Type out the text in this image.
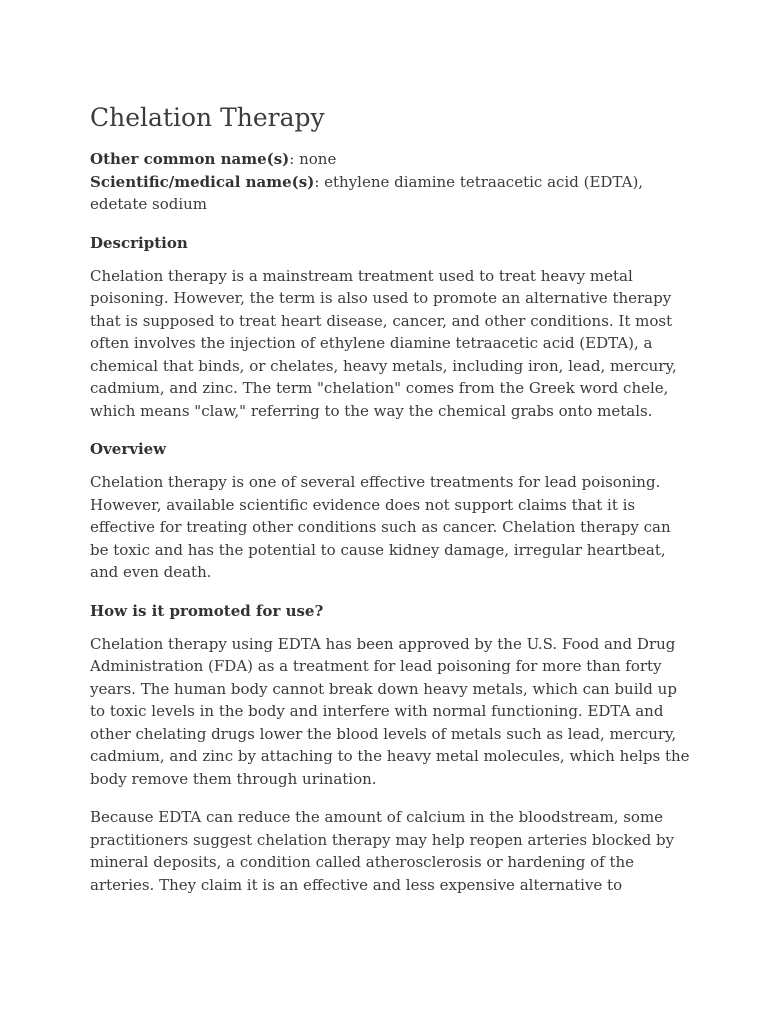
Chelation Therapy

Other common name(s): none

Scientific/medical name(s): ethylene diamine tetraacetic acid (EDTA), edetate sodium

Description

Chelation therapy is a mainstream treatment used to treat heavy metal poisoning. However, the term is also used to promote an alternative therapy that is supposed to treat heart disease, cancer, and other conditions. It most often involves the injection of ethylene diamine tetraacetic acid (EDTA), a chemical that binds, or chelates, heavy metals, including iron, lead, mercury, cadmium, and zinc. The term "chelation" comes from the Greek word chele, which means "claw," referring to the way the chemical grabs onto metals.

Overview

Chelation therapy is one of several effective treatments for lead poisoning. However, available scientific evidence does not support claims that it is effective for treating other conditions such as cancer. Chelation therapy can be toxic and has the potential to cause kidney damage, irregular heartbeat, and even death.

How is it promoted for use?

Chelation therapy using EDTA has been approved by the U.S. Food and Drug Administration (FDA) as a treatment for lead poisoning for more than forty years. The human body cannot break down heavy metals, which can build up to toxic levels in the body and interfere with normal functioning. EDTA and other chelating drugs lower the blood levels of metals such as lead, mercury, cadmium, and zinc by attaching to the heavy metal molecules, which helps the body remove them through urination.

Because EDTA can reduce the amount of calcium in the bloodstream, some practitioners suggest chelation therapy may help reopen arteries blocked by mineral deposits, a condition called atherosclerosis or hardening of the arteries. They claim it is an effective and less expensive alternative to
